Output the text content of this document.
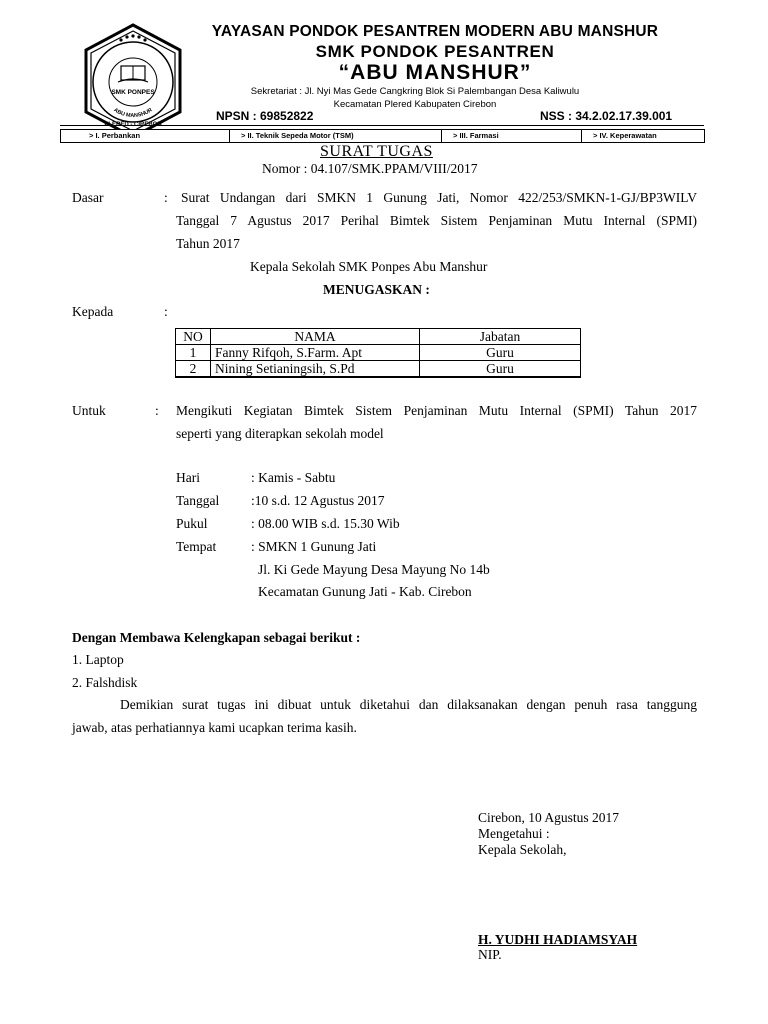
SMK PONPES
ABU MANSHUR
PLERED - CIREBON
YAYASAN PONDOK PESANTREN MODERN ABU MANSHUR
SMK PONDOK PESANTREN
“ABU MANSHUR”
Sekretariat : Jl. Nyi Mas Gede Cangkring Blok Si Palembangan Desa Kaliwulu
Kecamatan Plered Kabupaten Cirebon
NPSN : 69852822	NSS : 34.2.02.17.39.001
> I. Perbankan	> II. Teknik Sepeda Motor (TSM)	> III. Farmasi	> IV. Keperawatan
SURAT TUGAS
Nomor : 04.107/SMK.PPAM/VIII/2017
Dasar	: Surat Undangan dari SMKN 1 Gunung Jati, Nomor 422/253/SMKN-1-GJ/BP3WILV
Tanggal 7 Agustus 2017 Perihal Bimtek Sistem Penjaminan Mutu Internal (SPMI)
Tahun 2017
Kepala Sekolah SMK Ponpes Abu Manshur
MENUGASKAN :
Kepada	:
NO	NAMA	Jabatan
1	Fanny Rifqoh, S.Farm. Apt	Guru
2	Nining Setianingsih, S.Pd	Guru
Untuk	: Mengikuti Kegiatan Bimtek Sistem Penjaminan Mutu Internal (SPMI) Tahun 2017
seperti yang diterapkan sekolah model
Hari	: Kamis - Sabtu
Tanggal :10 s.d. 12 Agustus 2017
Pukul	: 08.00 WIB s.d. 15.30 Wib
Tempat	: SMKN 1 Gunung Jati
Jl. Ki Gede Mayung Desa Mayung No 14b
Kecamatan Gunung Jati - Kab. Cirebon
Dengan Membawa Kelengkapan sebagai berikut :
1. Laptop
2. Falshdisk
Demikian surat tugas ini dibuat untuk diketahui dan dilaksanakan dengan penuh rasa tanggung
jawab, atas perhatiannya kami ucapkan terima kasih.
Cirebon, 10 Agustus 2017
Mengetahui :
Kepala Sekolah,
H. YUDHI HADIAMSYAH
NIP.
